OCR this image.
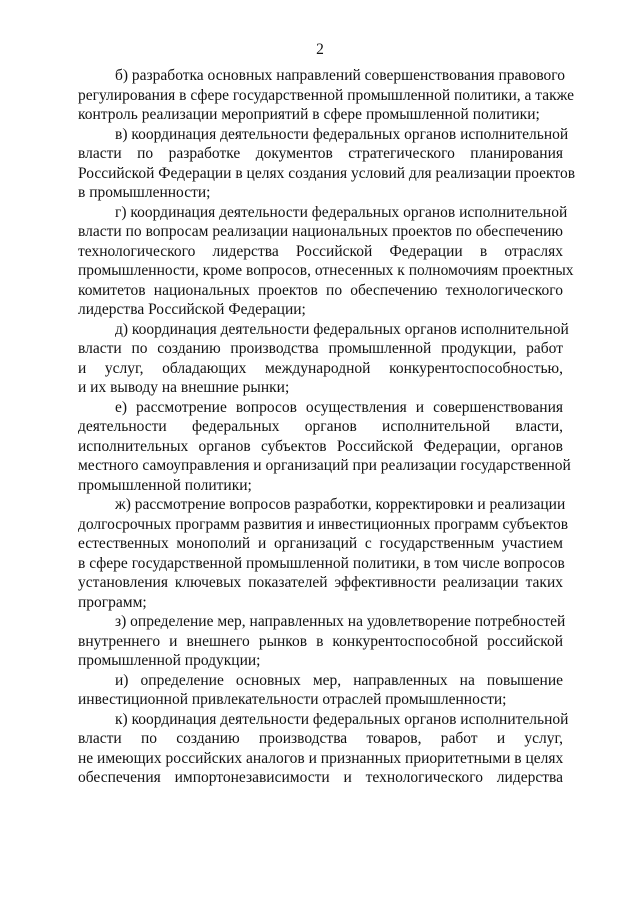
2

б) разработка основных направлений совершенствования правового
регулирования в сфере государственной промышленной политики, а также
контроль реализации мероприятий в сфере промышленной политики;

в) координация деятельности федеральных органов исполнительной
власти по разработке документов стратегического планирования
Российской Федерации в целях создания условий для реализации проектов
в промышленности;

г) координация деятельности федеральных органов исполнительной
власти по вопросам реализации национальных проектов по обеспечению
технологического лидерства Российской Федерации в отраслях
промышленности, кроме вопросов, отнесенных к полномочиям проектных
комитетов национальных проектов по обеспечению технологического
лидерства Российской Федерации;

д) координация деятельности федеральных органов исполнительной
власти по созданию производства промышленной продукции, работ
и услуг, обладающих международной конкурентоспособностью,
и их выводу на внешние рынки;

е) рассмотрение вопросов осуществления и совершенствования
деятельности федеральных органов исполнительной власти,
исполнительных органов субъектов Российской Федерации, органов
местного самоуправления и организаций при реализации государственной
промышленной политики;

ж) рассмотрение вопросов разработки, корректировки и реализации
долгосрочных программ развития и инвестиционных программ субъектов
естественных монополий и организаций с государственным участием
в сфере государственной промышленной политики, в том числе вопросов
установления ключевых показателей эффективности реализации таких
программ;

з) определение мер, направленных на удовлетворение потребностей
внутреннего и внешнего рынков в конкурентоспособной российской
промышленной продукции;

и) определение основных мер, направленных на повышение
инвестиционной привлекательности отраслей промышленности;

к) координация деятельности федеральных органов исполнительной
власти по созданию производства товаров, работ и услуг,
не имеющих российских аналогов и признанных приоритетными в целях
обеспечения импортонезависимости и технологического лидерства
